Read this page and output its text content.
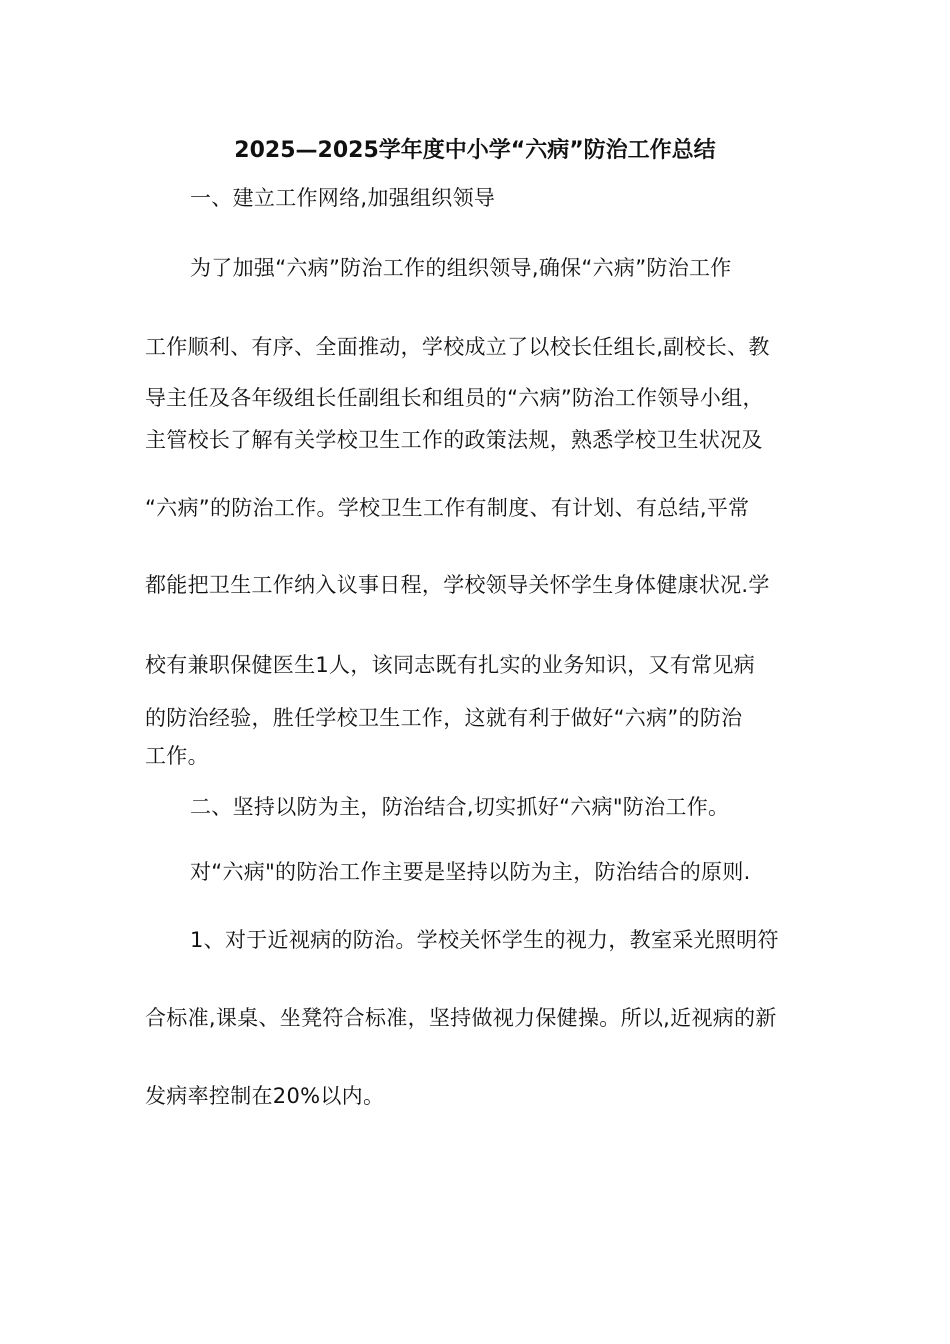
2025—2025学年度中小学“六病”防治工作总结
一、建立工作网络,加强组织领导
为了加强“六病”防治工作的组织领导,确保“六病”防治工作
工作顺利、有序、全面推动，学校成立了以校长任组长,副校长、教
导主任及各年级组长任副组长和组员的“六病”防治工作领导小组，
主管校长了解有关学校卫生工作的政策法规，熟悉学校卫生状况及
“六病”的防治工作。学校卫生工作有制度、有计划、有总结,平常
都能把卫生工作纳入议事日程，学校领导关怀学生身体健康状况.学
校有兼职保健医生1人，该同志既有扎实的业务知识，又有常见病
的防治经验，胜任学校卫生工作，这就有利于做好“六病”的防治
工作。
二、坚持以防为主，防治结合,切实抓好“六病"防治工作。
对“六病"的防治工作主要是坚持以防为主，防治结合的原则.
1、对于近视病的防治。学校关怀学生的视力，教室采光照明符
合标准,课桌、坐凳符合标准，坚持做视力保健操。所以,近视病的新
发病率控制在20%以内。
